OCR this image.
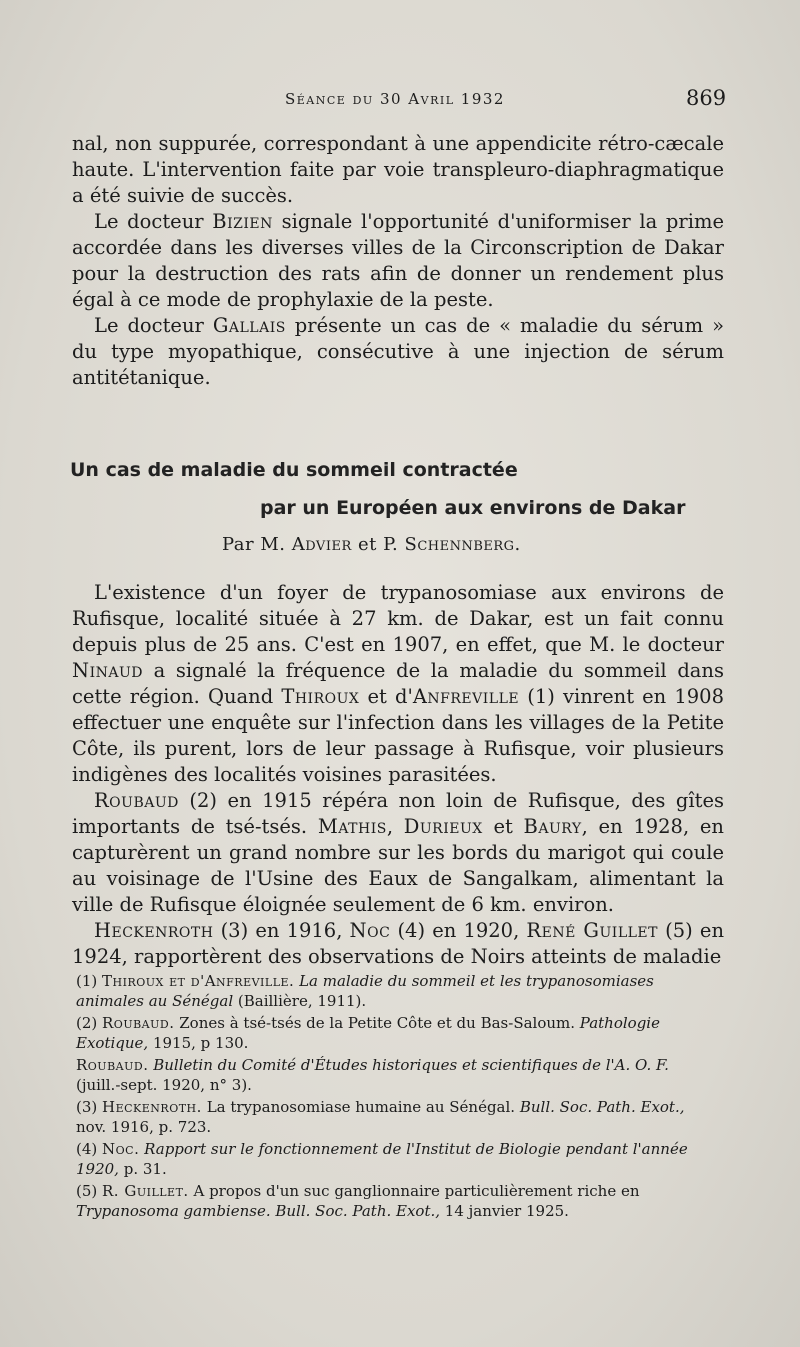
Séance du 30 Avril 1932	869

nal, non suppurée, correspondant à une appendicite rétro-cæcale haute. L'intervention faite par voie transpleuro-diaphragmatique a été suivie de succès.

Le docteur Bizien signale l'opportunité d'uniformiser la prime accordée dans les diverses villes de la Circonscription de Dakar pour la destruction des rats afin de donner un rendement plus égal à ce mode de prophylaxie de la peste.

Le docteur Gallais présente un cas de « maladie du sérum » du type myopathique, consécutive à une injection de sérum antitétanique.

Un cas de maladie du sommeil contractée
par un Européen aux environs de Dakar
Par M. Advier et P. Schennberg.

L'existence d'un foyer de trypanosomiase aux environs de Rufisque, localité située à 27 km. de Dakar, est un fait connu depuis plus de 25 ans. C'est en 1907, en effet, que M. le docteur Ninaud a signalé la fréquence de la maladie du sommeil dans cette région. Quand Thiroux et d'Anfreville (1) vinrent en 1908 effectuer une enquête sur l'infection dans les villages de la Petite Côte, ils purent, lors de leur passage à Rufisque, voir plusieurs indigènes des localités voisines parasitées.

Roubaud (2) en 1915 répéra non loin de Rufisque, des gîtes importants de tsé-tsés. Mathis, Durieux et Baury, en 1928, en capturèrent un grand nombre sur les bords du marigot qui coule au voisinage de l'Usine des Eaux de Sangalkam, alimentant la ville de Rufisque éloignée seulement de 6 km. environ.

Heckenroth (3) en 1916, Noc (4) en 1920, René Guillet (5) en 1924, rapportèrent des observations de Noirs atteints de maladie

(1) Thiroux et d'Anfreville. La maladie du sommeil et les trypanosomiases animales au Sénégal (Baillière, 1911).

(2) Roubaud. Zones à tsé-tsés de la Petite Côte et du Bas-Saloum. Pathologie Exotique, 1915, p 130.

Roubaud. Bulletin du Comité d'Études historiques et scientifiques de l'A. O. F. (juill.-sept. 1920, n° 3).

(3) Heckenroth. La trypanosomiase humaine au Sénégal. Bull. Soc. Path. Exot., nov. 1916, p. 723.

(4) Noc. Rapport sur le fonctionnement de l'Institut de Biologie pendant l'année 1920, p. 31.

(5) R. Guillet. A propos d'un suc ganglionnaire particulièrement riche en Trypanosoma gambiense. Bull. Soc. Path. Exot., 14 janvier 1925.
